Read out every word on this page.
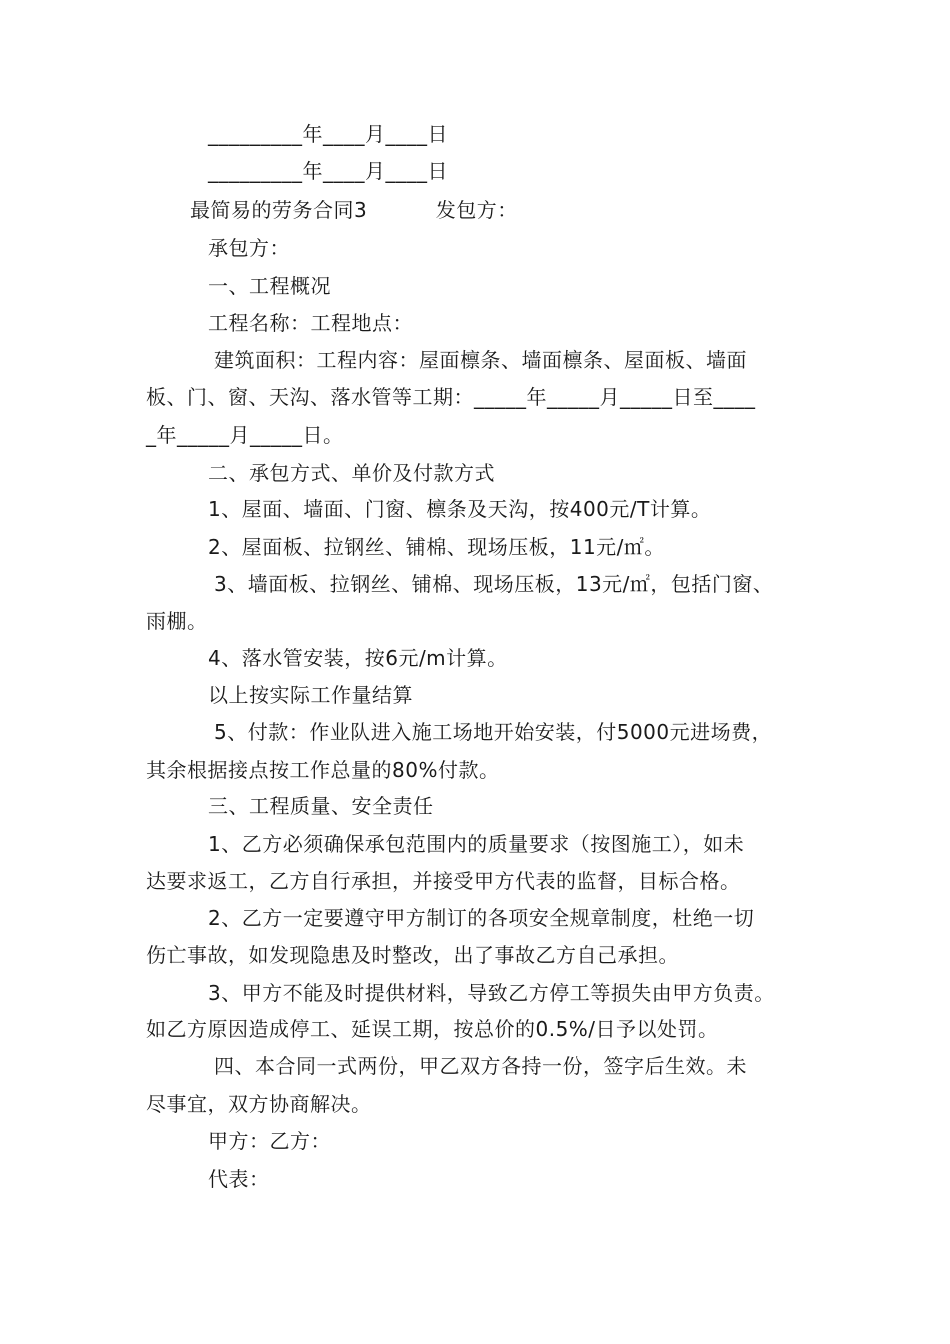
_________年____月____日
_________年____月____日
最简易的劳务合同3          发包方：
承包方：
一、工程概况
工程名称：工程地点：
建筑面积：工程内容：屋面檩条、墙面檩条、屋面板、墙面
板、门、窗、天沟、落水管等工期：_____年_____月_____日至____
_年_____月_____日。
二、承包方式、单价及付款方式
1、屋面、墙面、门窗、檩条及天沟，按400元/T计算。
2、屋面板、拉钢丝、铺棉、现场压板，11元/㎡。
3、墙面板、拉钢丝、铺棉、现场压板，13元/㎡，包括门窗、
雨棚。
4、落水管安装，按6元/m计算。
以上按实际工作量结算
5、付款：作业队进入施工场地开始安装，付5000元进场费，
其余根据接点按工作总量的80%付款。
三、工程质量、安全责任
1、乙方必须确保承包范围内的质量要求（按图施工），如未
达要求返工，乙方自行承担，并接受甲方代表的监督，目标合格。
2、乙方一定要遵守甲方制订的各项安全规章制度，杜绝一切
伤亡事故，如发现隐患及时整改，出了事故乙方自己承担。
3、甲方不能及时提供材料，导致乙方停工等损失由甲方负责。
如乙方原因造成停工、延误工期，按总价的0.5%/日予以处罚。
四、本合同一式两份，甲乙双方各持一份，签字后生效。未
尽事宜，双方协商解决。
甲方：乙方：
代表：
